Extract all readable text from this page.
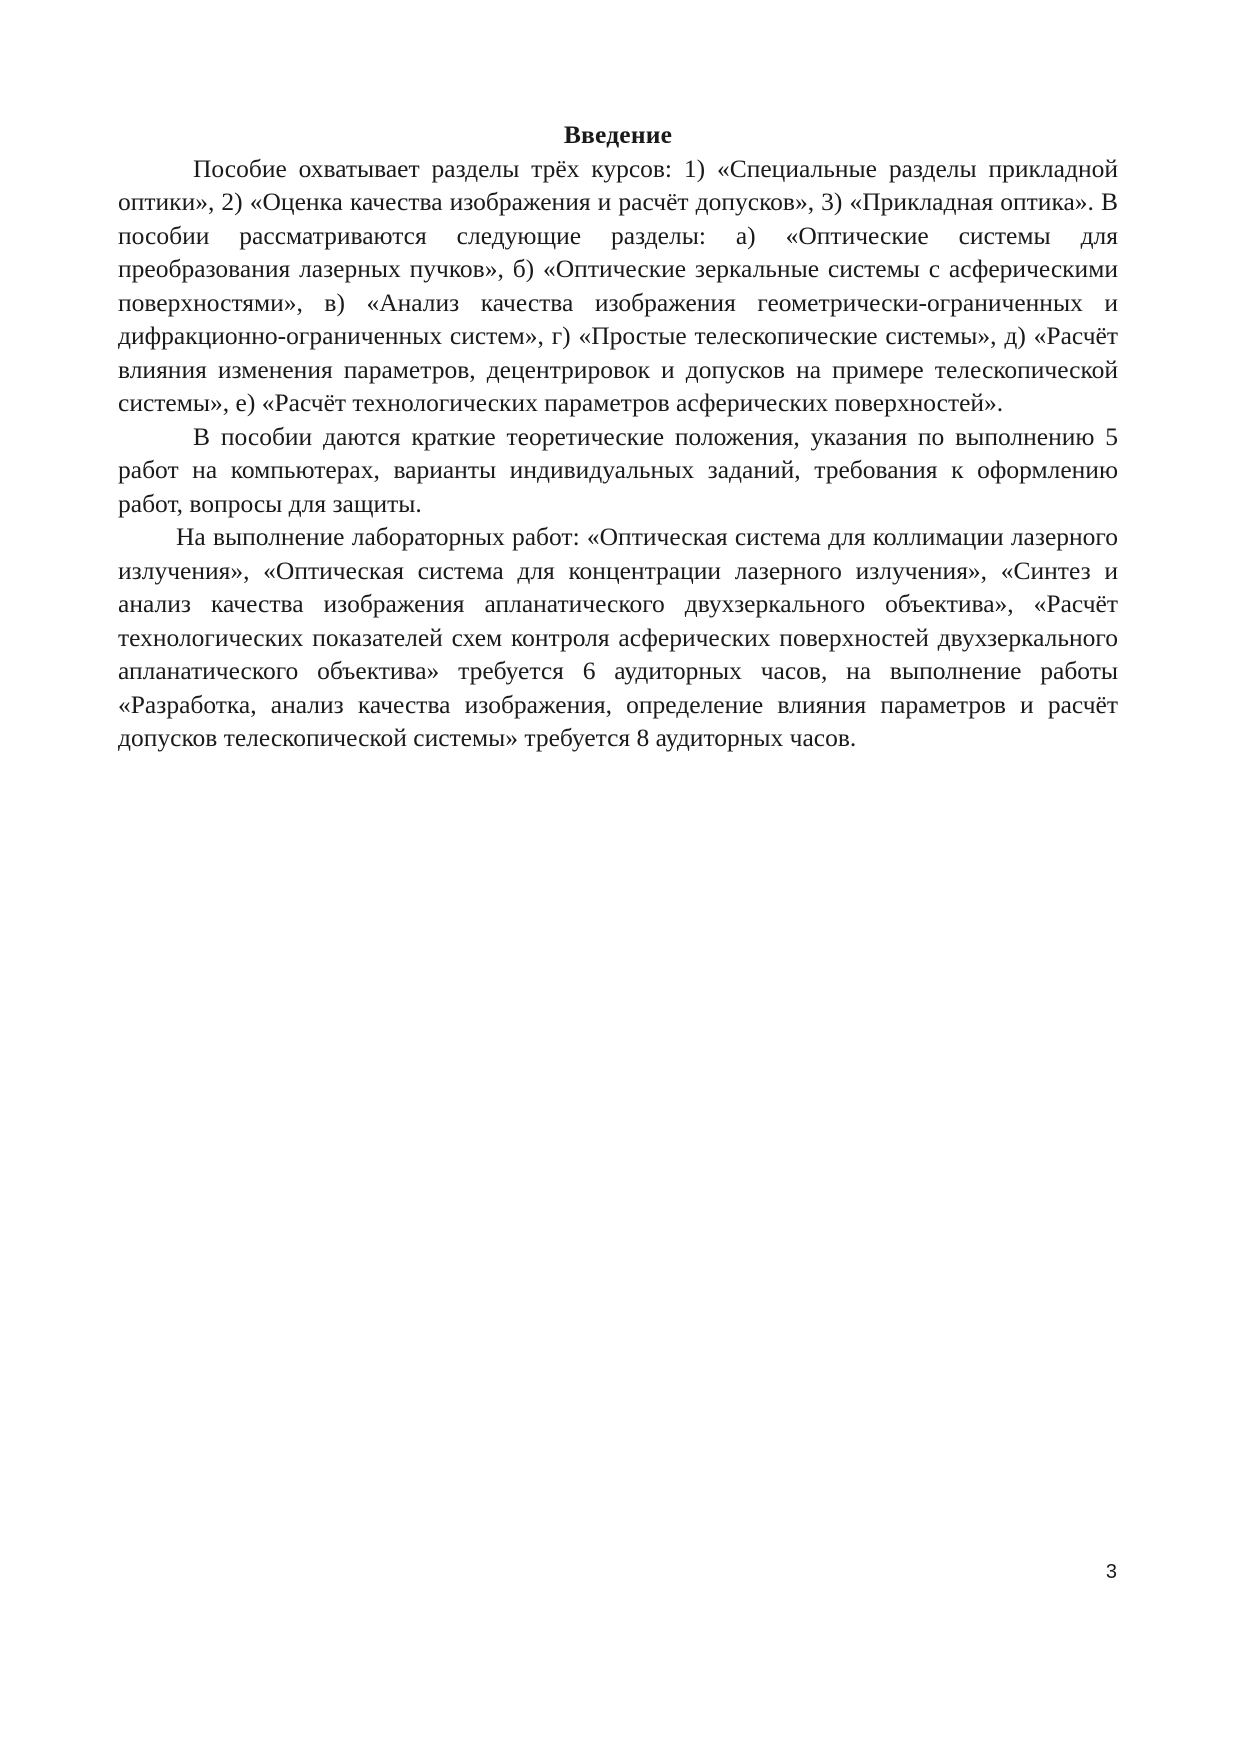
Введение

Пособие охватывает разделы трёх курсов: 1) «Специальные разделы прикладной оптики», 2) «Оценка качества изображения и расчёт допусков», 3) «Прикладная оптика». В пособии рассматриваются следующие разделы: а) «Оптические системы для преобразования лазерных пучков», б) «Оптические зеркальные системы с асферическими поверхностями», в) «Анализ качества изображения геометрически-ограниченных и дифракционно-ограниченных систем», г) «Простые телескопические системы», д) «Расчёт влияния изменения параметров, децентрировок и допусков на примере телескопической системы», е) «Расчёт технологических параметров асферических поверхностей».

В пособии даются краткие теоретические положения, указания по выполнению 5 работ на компьютерах, варианты индивидуальных заданий, требования к оформлению работ, вопросы для защиты.

На выполнение лабораторных работ: «Оптическая система для коллимации лазерного излучения», «Оптическая система для концентрации лазерного излучения», «Синтез и анализ качества изображения апланатического двухзеркального объектива», «Расчёт технологических показателей схем контроля асферических поверхностей двухзеркального апланатического объектива» требуется 6 аудиторных часов, на выполнение работы «Разработка, анализ качества изображения, определение влияния параметров и расчёт допусков телескопической системы» требуется 8 аудиторных часов.

3
